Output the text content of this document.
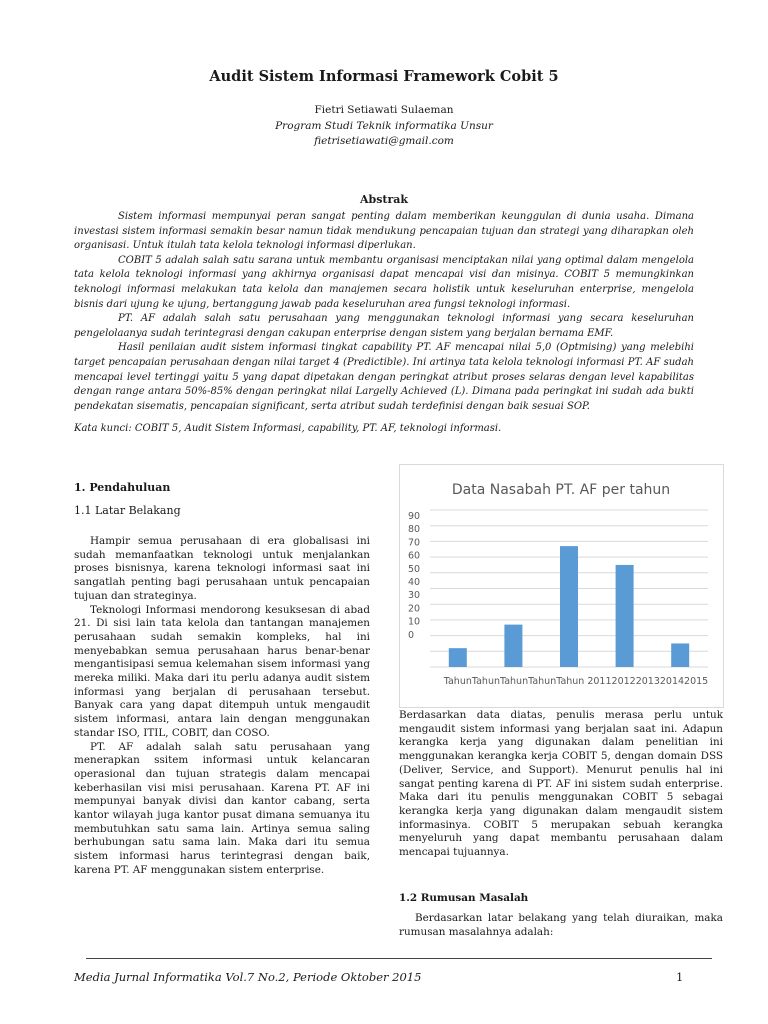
Audit Sistem Informasi Framework Cobit 5
Fietri Setiawati Sulaeman
Program Studi Teknik informatika Unsur
fietrisetiawati@gmail.com
Abstrak

Sistem informasi mempunyai peran sangat penting dalam memberikan keunggulan di dunia usaha. Dimana investasi sistem informasi semakin besar namun tidak mendukung pencapaian tujuan dan strategi yang diharapkan oleh organisasi. Untuk itulah tata kelola teknologi informasi diperlukan.

COBIT 5 adalah salah satu sarana untuk membantu organisasi menciptakan nilai yang optimal dalam mengelola tata kelola teknologi informasi yang akhirnya organisasi dapat mencapai visi dan misinya. COBIT 5 memungkinkan teknologi informasi melakukan tata kelola dan manajemen secara holistik untuk keseluruhan enterprise, mengelola bisnis dari ujung ke ujung, bertanggung jawab pada keseluruhan area fungsi teknologi informasi.

PT. AF adalah salah satu perusahaan yang menggunakan teknologi informasi yang secara keseluruhan pengelolaanya sudah terintegrasi dengan cakupan enterprise dengan sistem yang berjalan bernama EMF.

Hasil penilaian audit sistem informasi tingkat capability PT. AF mencapai nilai 5,0 (Optmising) yang melebihi target pencapaian perusahaan dengan nilai target 4 (Predictible). Ini artinya tata kelola teknologi informasi PT. AF sudah mencapai level tertinggi yaitu 5 yang dapat dipetakan dengan peringkat atribut proses selaras dengan level kapabilitas dengan range antara 50%-85% dengan peringkat nilai Largelly Achieved (L). Dimana pada peringkat ini sudah ada bukti pendekatan sisematis, pencapaian significant, serta atribut sudah terdefinisi dengan baik sesuai SOP.

Kata kunci: COBIT 5, Audit Sistem Informasi, capability, PT. AF, teknologi informasi.
1. Pendahuluan
1.1 Latar Belakang

Hampir semua perusahaan di era globalisasi ini sudah memanfaatkan teknologi untuk menjalankan proses bisnisnya, karena teknologi informasi saat ini sangatlah penting bagi perusahaan untuk pencapaian tujuan dan strateginya.

Teknologi Informasi mendorong kesuksesan di abad 21. Di sisi lain tata kelola dan tantangan manajemen perusahaan sudah semakin kompleks, hal ini menyebabkan semua perusahaan harus benar-benar mengantisipasi semua kelemahan sisem informasi yang mereka miliki. Maka dari itu perlu adanya audit sistem informasi yang berjalan di perusahaan tersebut. Banyak cara yang dapat ditempuh untuk mengaudit sistem informasi, antara lain dengan menggunakan standar ISO, ITIL, COBIT, dan COSO.

PT. AF adalah salah satu perusahaan yang menerapkan ssitem informasi untuk kelancaran operasional dan tujuan strategis dalam mencapai keberhasilan visi misi perusahaan. Karena PT. AF ini mempunyai banyak divisi dan kantor cabang, serta kantor wilayah juga kantor pusat dimana semuanya itu membutuhkan satu sama lain. Artinya semua saling berhubungan satu sama lain. Maka dari itu semua sistem informasi harus terintegrasi dengan baik, karena PT. AF menggunakan sistem enterprise.

Data Nasabah PT. AF per tahun
90
80
70
60
50
40
30
20
10
0
TahunTahunTahunTahunTahun 20112012201320142015

Berdasarkan data diatas, penulis merasa perlu untuk mengaudit sistem informasi yang berjalan saat ini. Adapun kerangka kerja yang digunakan dalam penelitian ini menggunakan kerangka kerja COBIT 5, dengan domain DSS (Deliver, Service, and Support). Menurut penulis hal ini sangat penting karena di PT. AF ini sistem sudah enterprise. Maka dari itu penulis menggunakan COBIT 5 sebagai kerangka kerja yang digunakan dalam mengaudit sistem informasinya. COBIT 5 merupakan sebuah kerangka menyeluruh yang dapat membantu perusahaan dalam mencapai tujuannya.

1.2 Rumusan Masalah

Berdasarkan latar belakang yang telah diuraikan, maka rumusan masalahnya adalah:

Media Jurnal Informatika Vol.7 No.2, Periode Oktober 2015	1
